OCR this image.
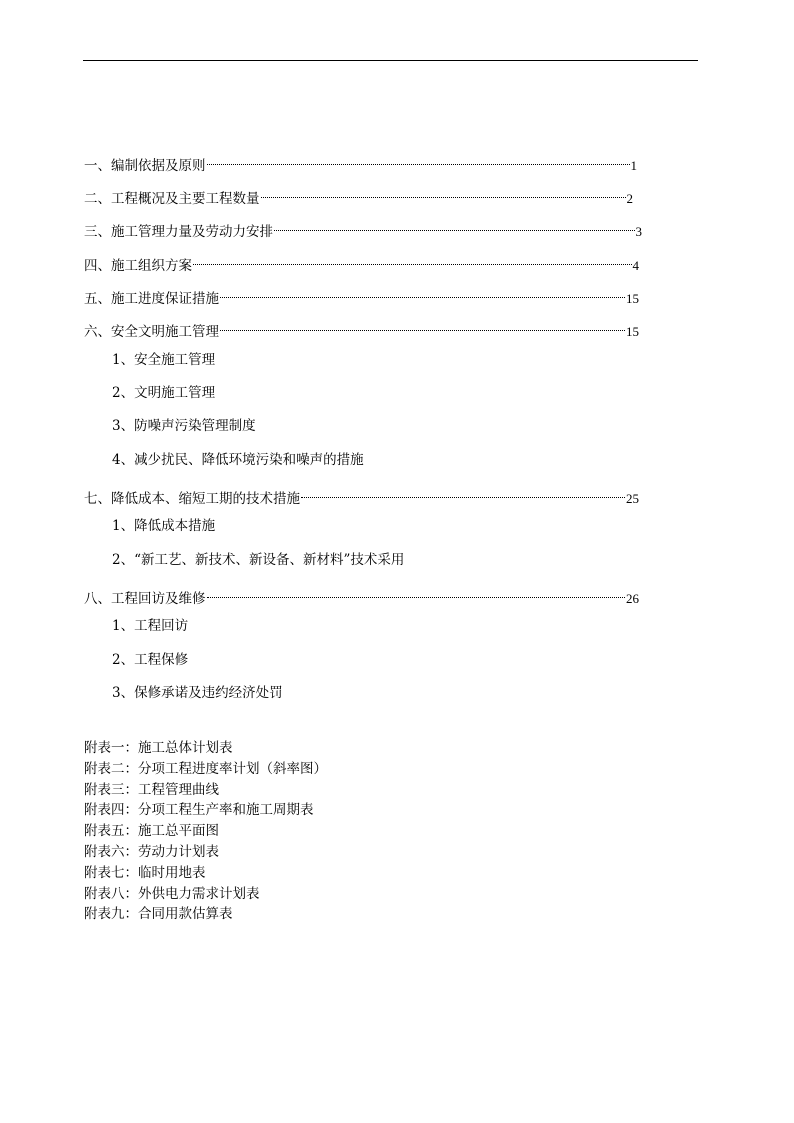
一、编制依据及原则	1
二、工程概况及主要工程数量	2
三、施工管理力量及劳动力安排	3
四、施工组织方案	4
五、施工进度保证措施	15
六、安全文明施工管理	15
1、安全施工管理
2、文明施工管理
3、防噪声污染管理制度
4、减少扰民、降低环境污染和噪声的措施
七、降低成本、缩短工期的技术措施	25
1、降低成本措施
2、“新工艺、新技术、新设备、新材料”技术采用
八、工程回访及维修	26
1、工程回访
2、工程保修
3、保修承诺及违约经济处罚
附表一：施工总体计划表
附表二：分项工程进度率计划（斜率图）
附表三：工程管理曲线
附表四：分项工程生产率和施工周期表
附表五：施工总平面图
附表六：劳动力计划表
附表七：临时用地表
附表八：外供电力需求计划表
附表九：合同用款估算表
